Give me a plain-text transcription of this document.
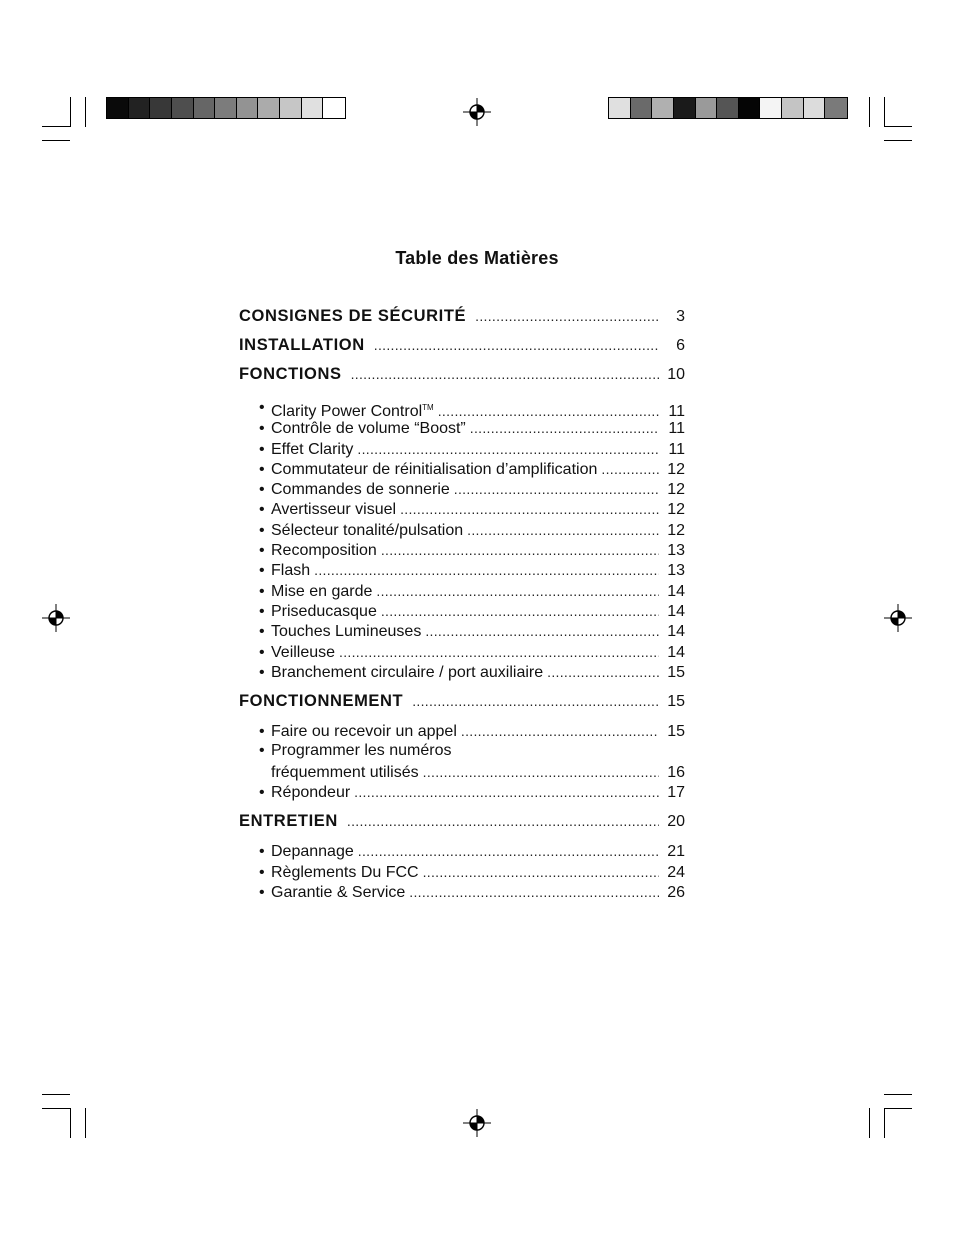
Table des Matières
CONSIGNES DE SÉCURITÉ .....	3
INSTALLATION .....	6
FONCTIONS .....	10
• Clarity Power Control™ .....	11
• Contrôle de volume “Boost” .....	11
• Effet Clarity .....	11
• Commutateur de réinitialisation d’amplification .....	12
• Commandes de sonnerie .....	12
• Avertisseur visuel .....	12
• Sélecteur tonalité/pulsation .....	12
• Recomposition .....	13
• Flash .....	13
• Mise en garde .....	14
• Priseducasque .....	14
• Touches Lumineuses .....	14
• Veilleuse .....	14
• Branchement circulaire / port auxiliaire .....	15
FONCTIONNEMENT .....	15
• Faire ou recevoir un appel .....	15
• Programmer les numéros
fréquemment utilisés .....	16
• Répondeur .....	17
ENTRETIEN .....	20
• Depannage .....	21
• Règlements Du FCC .....	24
• Garantie & Service .....	26
